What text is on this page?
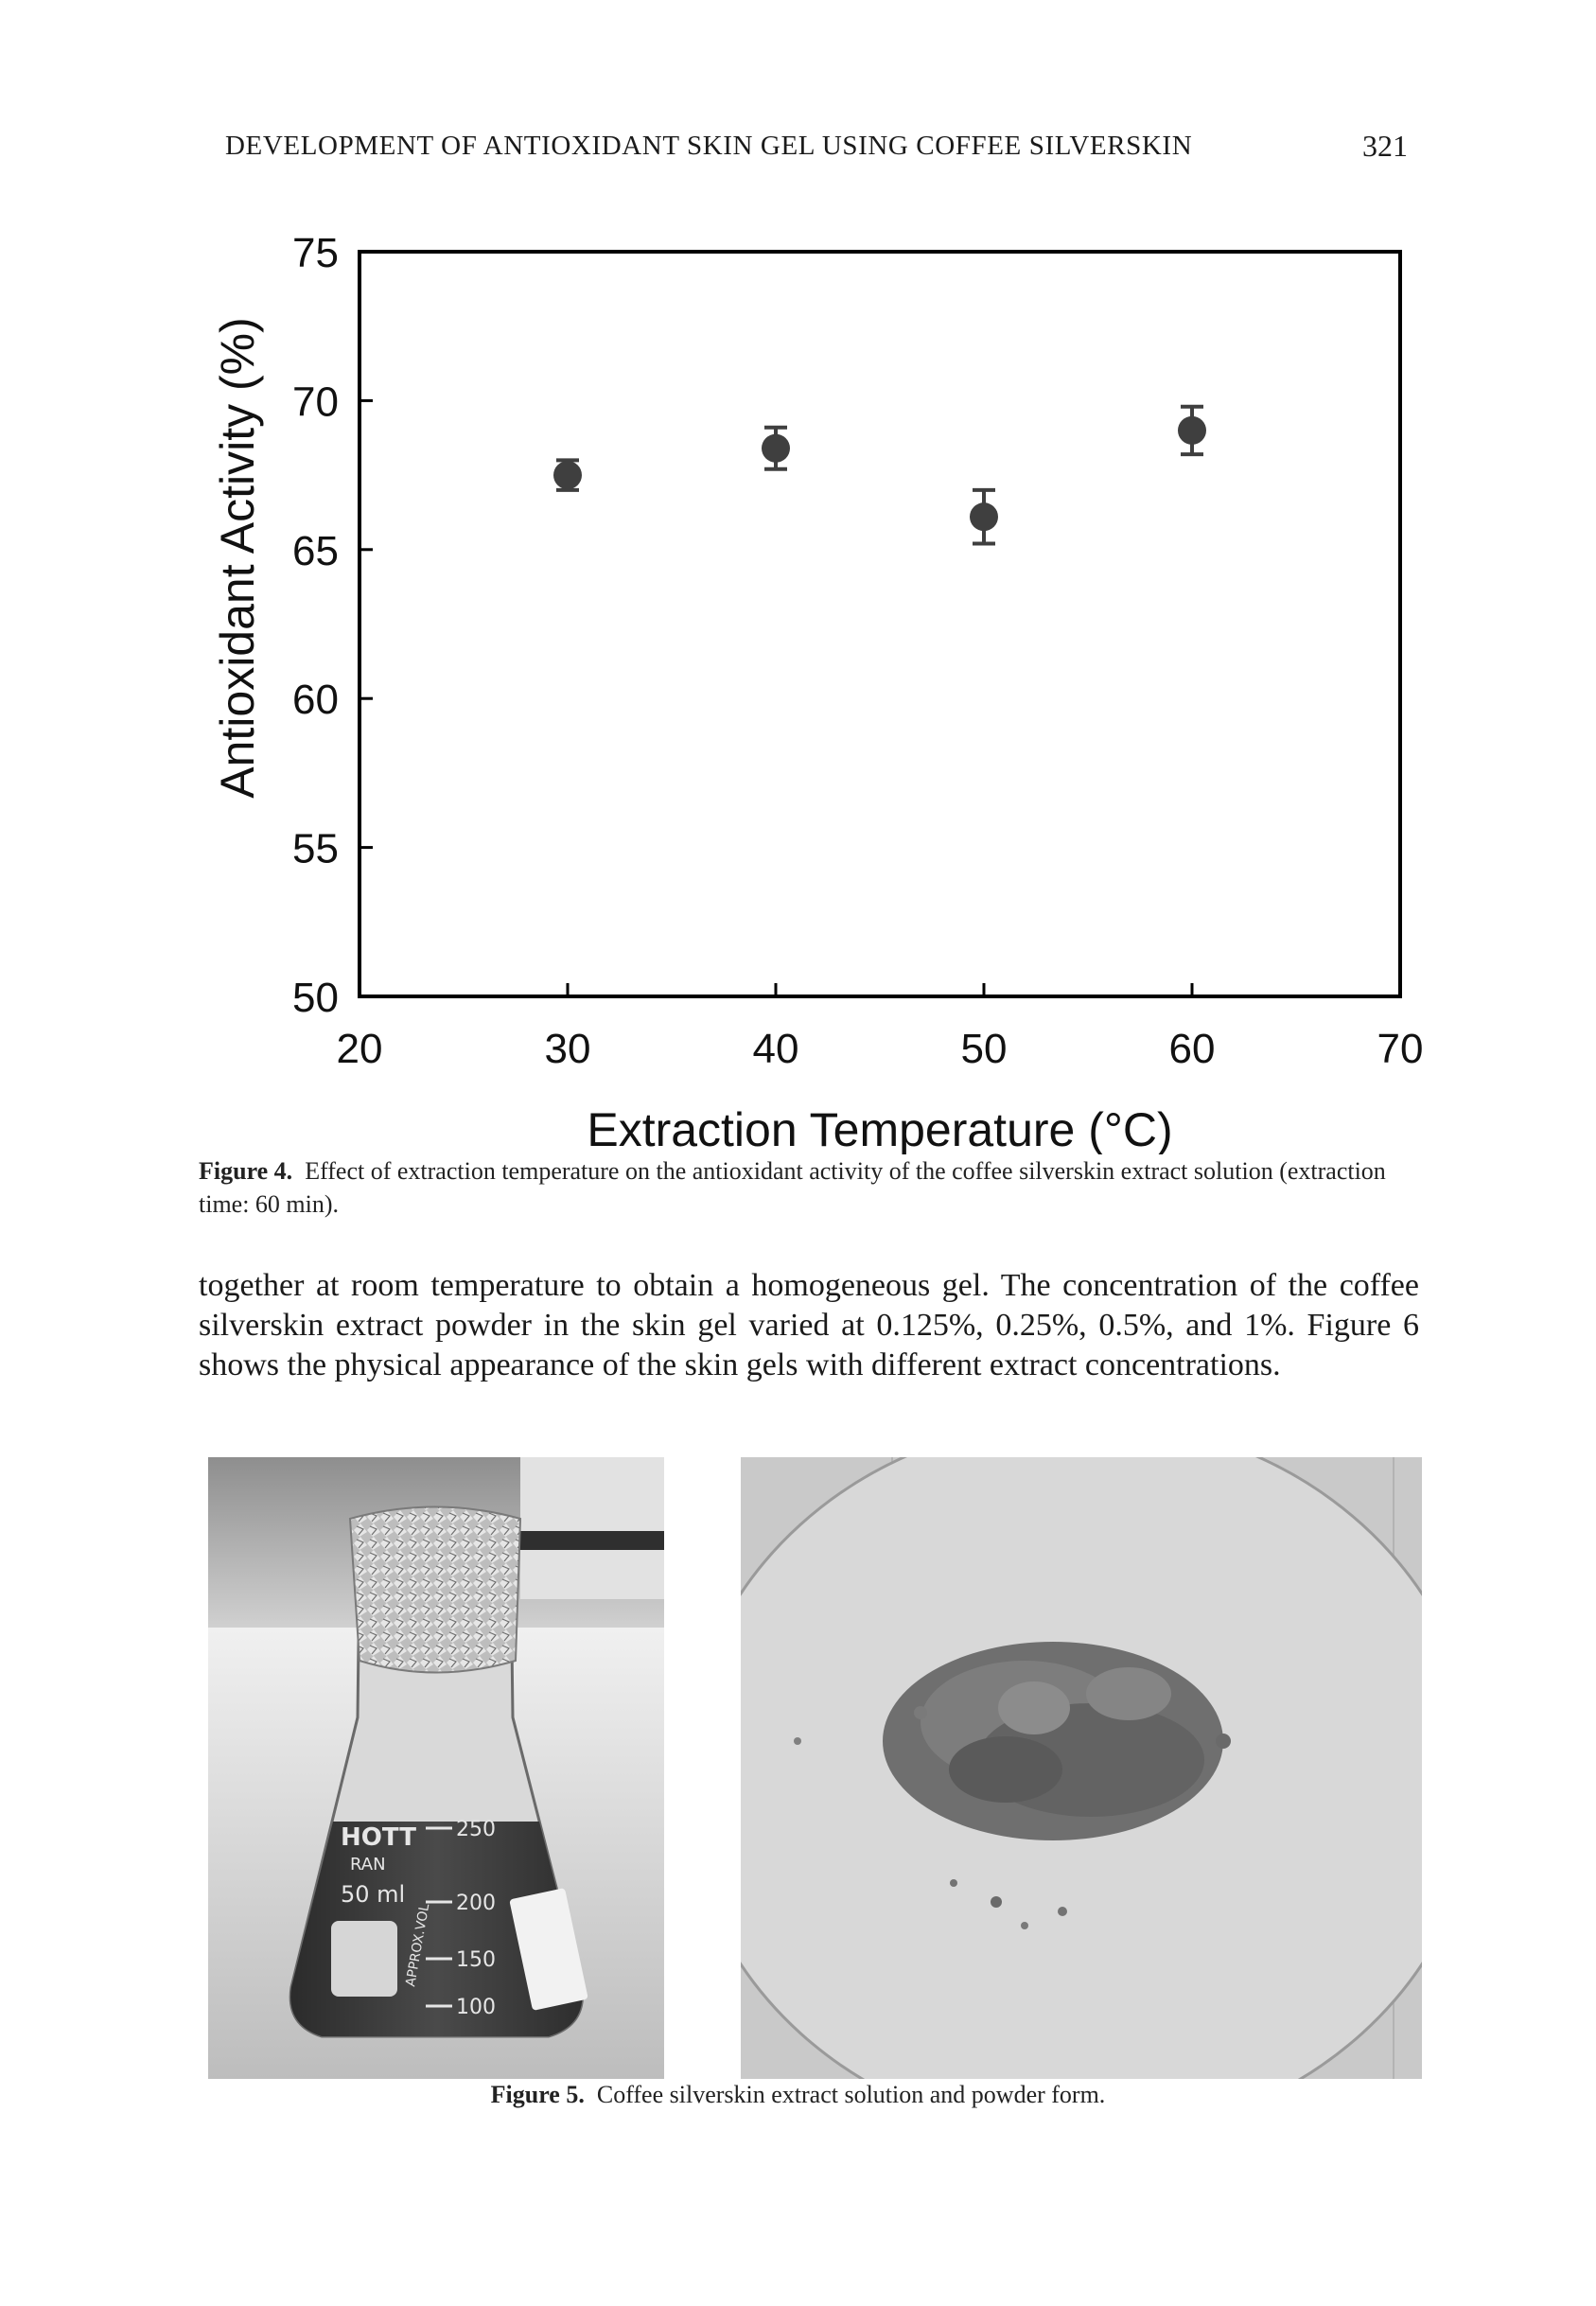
DEVELOPMENT OF ANTIOXIDANT SKIN GEL USING COFFEE SILVERSKIN	321
50
55
60
65
70
75
20	30	40	50	60	70
Extraction Temperature (°C)
Antioxidant Activity (%)
Figure 4. Effect of extraction temperature on the antioxidant activity of the coffee silverskin extract solution (extraction time: 60 min).
together at room temperature to obtain a homogeneous gel. The concentration of the coffee silverskin extract powder in the skin gel varied at 0.125%, 0.25%, 0.5%, and 1%. Figure 6 shows the physical appearance of the skin gels with different extract concentrations.
250
200
150
100
HOTT
RAN
50 ml
APPROX.VOL.
Figure 5. Coffee silverskin extract solution and powder form.
